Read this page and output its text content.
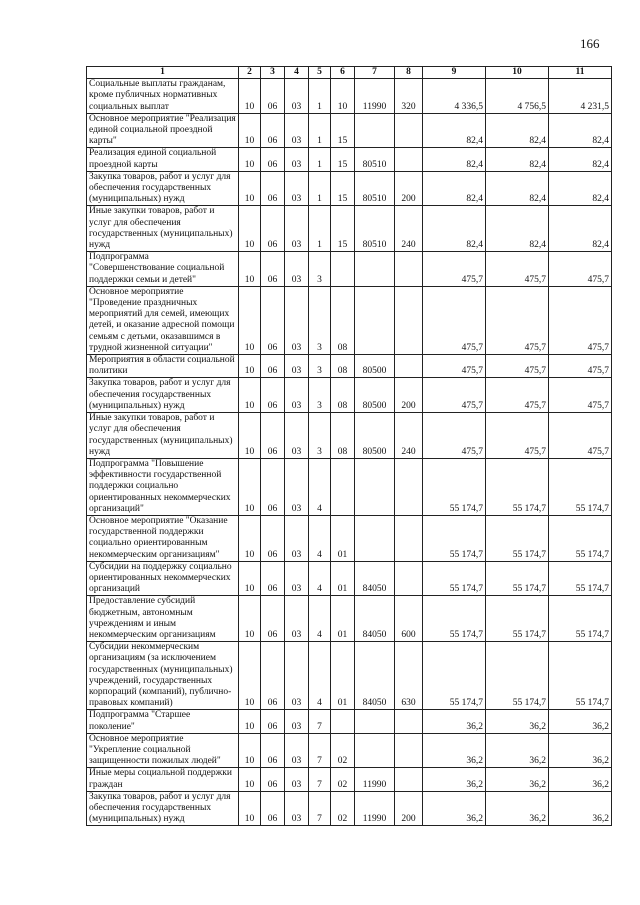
166
1	2	3	4	5	6	7	8	9	10	11
Социальные выплаты гражданам, кроме публичных нормативных социальных выплат	10	06	03	1	10	11990	320	4 336,5	4 756,5	4 231,5
Основное мероприятие "Реализация единой социальной проездной карты"	10	06	03	1	15			82,4	82,4	82,4
Реализация единой социальной проездной карты	10	06	03	1	15	80510		82,4	82,4	82,4
Закупка товаров, работ и услуг для обеспечения государственных (муниципальных) нужд	10	06	03	1	15	80510	200	82,4	82,4	82,4
Иные закупки товаров, работ и услуг для обеспечения государственных (муниципальных) нужд	10	06	03	1	15	80510	240	82,4	82,4	82,4
Подпрограмма "Совершенствование социальной поддержки семьи и детей"	10	06	03	3				475,7	475,7	475,7
Основное мероприятие "Проведение праздничных мероприятий для семей, имеющих детей, и оказание адресной помощи семьям с детьми, оказавшимся в трудной жизненной ситуации"	10	06	03	3	08			475,7	475,7	475,7
Мероприятия в области социальной политики	10	06	03	3	08	80500		475,7	475,7	475,7
Закупка товаров, работ и услуг для обеспечения государственных (муниципальных) нужд	10	06	03	3	08	80500	200	475,7	475,7	475,7
Иные закупки товаров, работ и услуг для обеспечения государственных (муниципальных) нужд	10	06	03	3	08	80500	240	475,7	475,7	475,7
Подпрограмма "Повышение эффективности государственной поддержки социально ориентированных некоммерческих организаций"	10	06	03	4				55 174,7	55 174,7	55 174,7
Основное мероприятие "Оказание государственной поддержки социально ориентированным некоммерческим организациям"	10	06	03	4	01			55 174,7	55 174,7	55 174,7
Субсидии на поддержку социально ориентированных некоммерческих организаций	10	06	03	4	01	84050		55 174,7	55 174,7	55 174,7
Предоставление субсидий бюджетным, автономным учреждениям и иным некоммерческим организациям	10	06	03	4	01	84050	600	55 174,7	55 174,7	55 174,7
Субсидии некоммерческим организациям (за исключением государственных (муниципальных) учреждений, государственных корпораций (компаний), публично-правовых компаний)	10	06	03	4	01	84050	630	55 174,7	55 174,7	55 174,7
Подпрограмма "Старшее поколение"	10	06	03	7				36,2	36,2	36,2
Основное мероприятие "Укрепление социальной защищенности пожилых людей"	10	06	03	7	02			36,2	36,2	36,2
Иные меры социальной поддержки граждан	10	06	03	7	02	11990		36,2	36,2	36,2
Закупка товаров, работ и услуг для обеспечения государственных (муниципальных) нужд	10	06	03	7	02	11990	200	36,2	36,2	36,2
